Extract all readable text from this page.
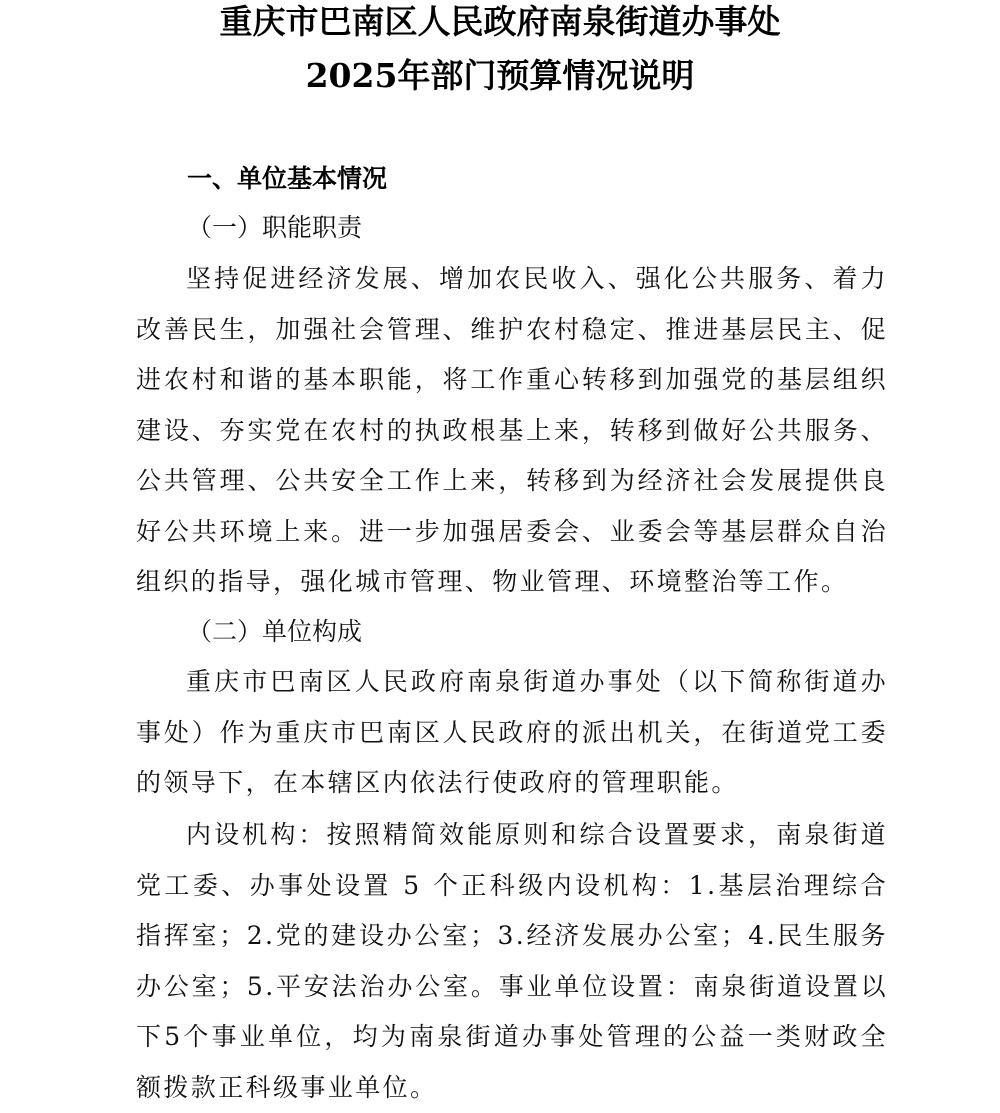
重庆市巴南区人民政府南泉街道办事处
2025年部门预算情况说明
一、单位基本情况
（一）职能职责

坚持促进经济发展、增加农民收入、强化公共服务、着力改善民生，加强社会管理、维护农村稳定、推进基层民主、促进农村和谐的基本职能，将工作重心转移到加强党的基层组织建设、夯实党在农村的执政根基上来，转移到做好公共服务、公共管理、公共安全工作上来，转移到为经济社会发展提供良好公共环境上来。进一步加强居委会、业委会等基层群众自治组织的指导，强化城市管理、物业管理、环境整治等工作。

（二）单位构成

重庆市巴南区人民政府南泉街道办事处（以下简称街道办事处）作为重庆市巴南区人民政府的派出机关，在街道党工委的领导下，在本辖区内依法行使政府的管理职能。

内设机构：按照精简效能原则和综合设置要求，南泉街道党工委、办事处设置 5 个正科级内设机构：1.基层治理综合指挥室；2.党的建设办公室；3.经济发展办公室；4.民生服务办公室；5.平安法治办公室。事业单位设置：南泉街道设置以下5个事业单位，均为南泉街道办事处管理的公益一类财政全额拨款正科级事业单位。
